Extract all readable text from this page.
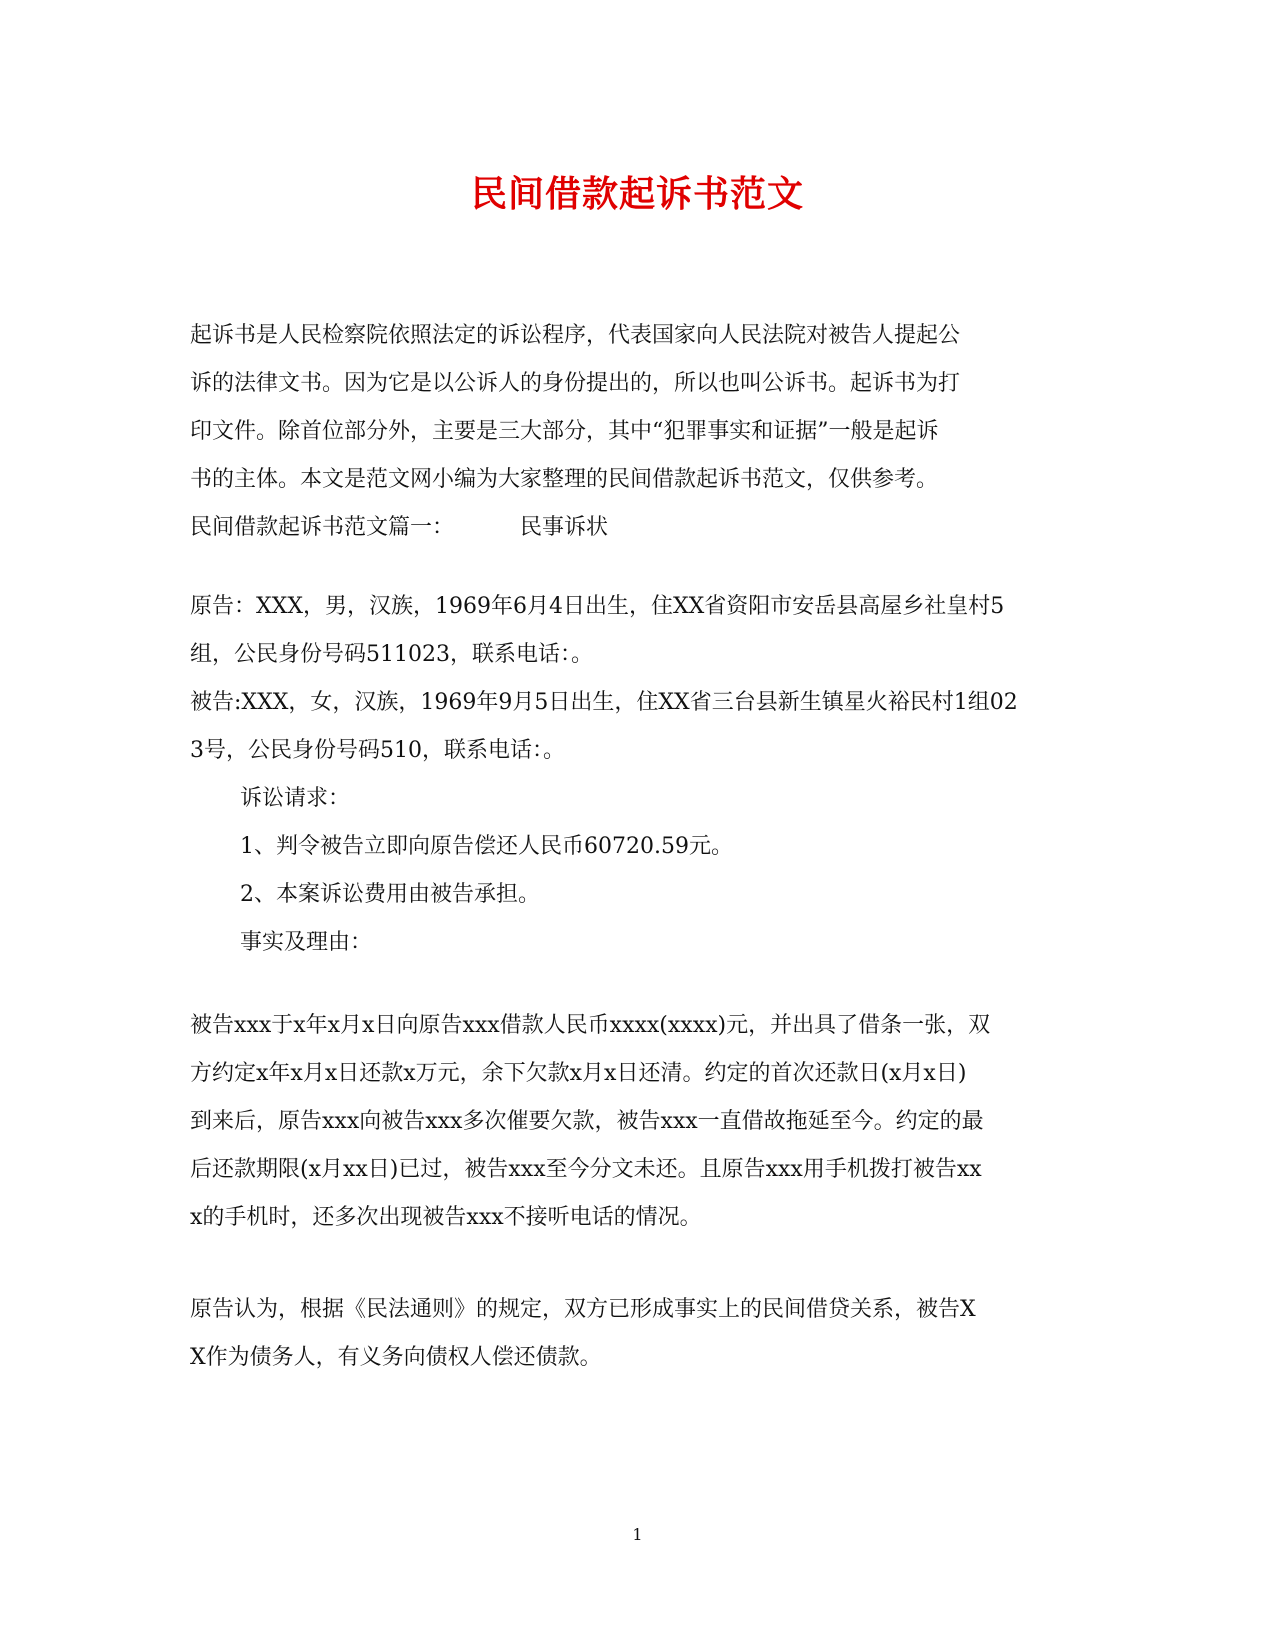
民间借款起诉书范文
起诉书是人民检察院依照法定的诉讼程序，代表国家向人民法院对被告人提起公
诉的法律文书。因为它是以公诉人的身份提出的，所以也叫公诉书。起诉书为打
印文件。除首位部分外，主要是三大部分，其中“犯罪事实和证据”一般是起诉
书的主体。本文是范文网小编为大家整理的民间借款起诉书范文，仅供参考。
民间借款起诉书范文篇一：	民事诉状
原告：XXX，男，汉族，1969年6月4日出生，住XX省资阳市安岳县高屋乡社皇村5
组，公民身份号码511023，联系电话：。
被告:XXX，女，汉族，1969年9月5日出生，住XX省三台县新生镇星火裕民村1组02
3号，公民身份号码510，联系电话：。
诉讼请求：
1、判令被告立即向原告偿还人民币60720.59元。
2、本案诉讼费用由被告承担。
事实及理由：
被告xxx于x年x月x日向原告xxx借款人民币xxxx(xxxx)元，并出具了借条一张，双
方约定x年x月x日还款x万元，余下欠款x月x日还清。约定的首次还款日(x月x日)
到来后，原告xxx向被告xxx多次催要欠款，被告xxx一直借故拖延至今。约定的最
后还款期限(x月xx日)已过，被告xxx至今分文未还。且原告xxx用手机拨打被告xx
x的手机时，还多次出现被告xxx不接听电话的情况。
原告认为，根据《民法通则》的规定，双方已形成事实上的民间借贷关系，被告X
X作为债务人，有义务向债权人偿还债款。
1
